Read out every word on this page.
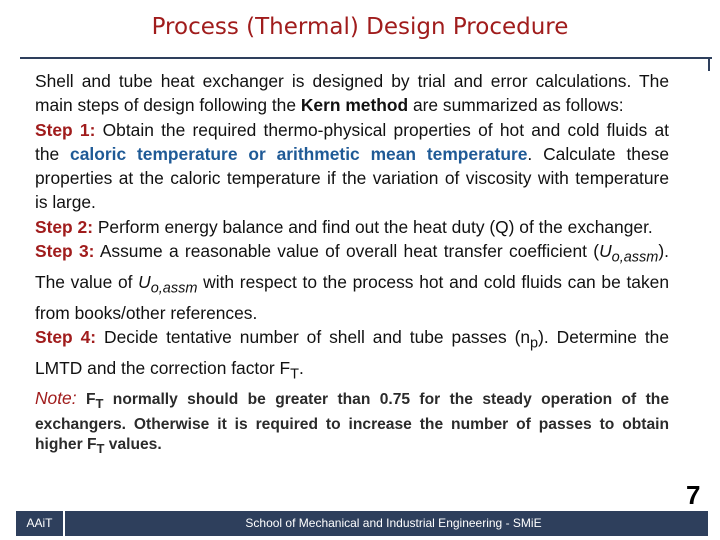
Process (Thermal) Design Procedure

Shell and tube heat exchanger is designed by trial and error calculations. The main steps of design following the Kern method are summarized as follows:

Step 1: Obtain the required thermo-physical properties of hot and cold fluids at the caloric temperature or arithmetic mean temperature. Calculate these properties at the caloric temperature if the variation of viscosity with temperature is large.

Step 2: Perform energy balance and find out the heat duty (Q) of the exchanger.

Step 3: Assume a reasonable value of overall heat transfer coefficient $(U_{o,assm})$. The value of $U_{o,assm}$ with respect to the process hot and cold fluids can be taken from books/other references.

Step 4: Decide tentative number of shell and tube passes $(n_p)$. Determine the LMTD and the correction factor $F_T$.

Note: $F_T$ normally should be greater than 0.75 for the steady operation of the exchangers. Otherwise it is required to increase the number of passes to obtain higher $F_T$ values.

7
AAiT	School of Mechanical and Industrial Engineering - SMiE
